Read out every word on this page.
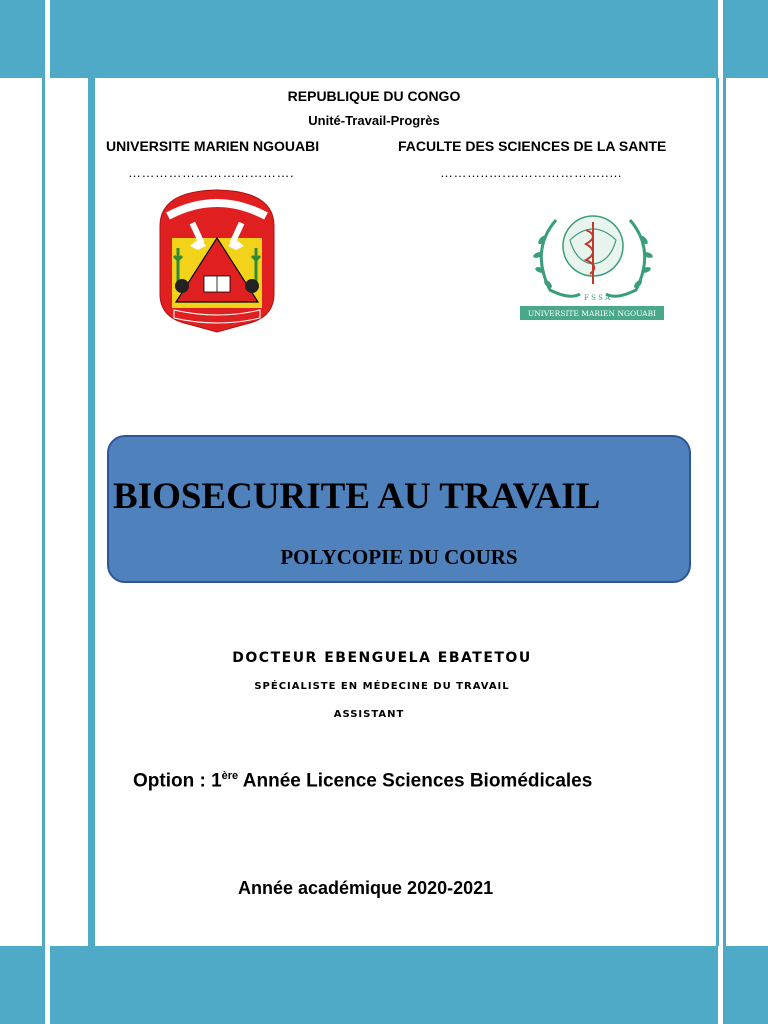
REPUBLIQUE DU CONGO
Unité-Travail-Progrès
UNIVERSITE MARIEN NGOUABI	FACULTE DES SCIENCES DE LA SANTE
……………………………….	………..….…………………..…
F S S A
UNIVERSITE MARIEN NGOUABI
BIOSECURITE AU TRAVAIL
POLYCOPIE DU COURS
DOCTEUR EBENGUELA EBATETOU
SPÉCIALISTE EN MÉDECINE DU TRAVAIL
ASSISTANT
Option : 1ère Année Licence Sciences Biomédicales
Année académique 2020-2021
